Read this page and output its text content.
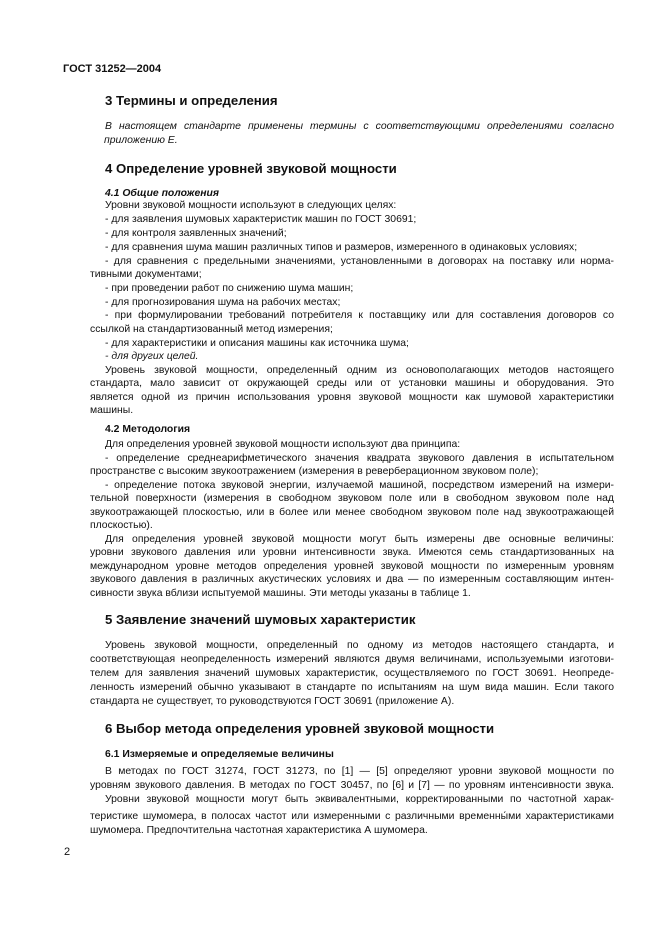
ГОСТ 31252—2004
3 Термины и определения
В настоящем стандарте применены термины с соответствующими определениями согласно
приложению Е.
4 Определение уровней звуковой мощности
4.1 Общие положения
Уровни звуковой мощности используют в следующих целях:
- для заявления шумовых характеристик машин по ГОСТ 30691;
- для контроля заявленных значений;
- для сравнения шума машин различных типов и размеров, измеренного в одинаковых условиях;
- для сравнения с предельными значениями, установленными в договорах на поставку или норма-
тивными документами;
- при проведении работ по снижению шума машин;
- для прогнозирования шума на рабочих местах;
- при формулировании требований потребителя к поставщику или для составления договоров со
ссылкой на стандартизованный метод измерения;
- для характеристики и описания машины как источника шума;
- для других целей.
Уровень звуковой мощности, определенный одним из основополагающих методов настоящего
стандарта, мало зависит от окружающей среды или от установки машины и оборудования. Это
является одной из причин использования уровня звуковой мощности как шумовой характеристики
машины.
4.2 Методология
Для определения уровней звуковой мощности используют два принципа:
- определение среднеарифметического значения квадрата звукового давления в испытательном
пространстве с высоким звукоотражением (измерения в реверберационном звуковом поле);
- определение потока звуковой энергии, излучаемой машиной, посредством измерений на измери-
тельной поверхности (измерения в свободном звуковом поле или в свободном звуковом поле над
звукоотражающей плоскостью, или в более или менее свободном звуковом поле над звукоотражающей
плоскостью).
Для определения уровней звуковой мощности могут быть измерены две основные величины:
уровни звукового давления или уровни интенсивности звука. Имеются семь стандартизованных на
международном уровне методов определения уровней звуковой мощности по измеренным уровням
звукового давления в различных акустических условиях и два — по измеренным составляющим интен-
сивности звука вблизи испытуемой машины. Эти методы указаны в таблице 1.
5 Заявление значений шумовых характеристик
Уровень звуковой мощности, определенный по одному из методов настоящего стандарта, и
соответствующая неопределенность измерений являются двумя величинами, используемыми изготови-
телем для заявления значений шумовых характеристик, осуществляемого по ГОСТ 30691. Неопреде-
ленность измерений обычно указывают в стандарте по испытаниям на шум вида машин. Если такого
стандарта не существует, то руководствуются ГОСТ 30691 (приложение А).
6 Выбор метода определения уровней звуковой мощности
6.1 Измеряемые и определяемые величины
В методах по ГОСТ 31274, ГОСТ 31273, по [1] — [5] определяют уровни звуковой мощности по
уровням звукового давления. В методах по ГОСТ 30457, по [6] и [7] — по уровням интенсивности звука.
Уровни звуковой мощности могут быть эквивалентными, корректированными по частотной харак-
теристике шумомера, в полосах частот или измеренными с различными временны́ми характеристиками
шумомера. Предпочтительна частотная характеристика А шумомера.
2
